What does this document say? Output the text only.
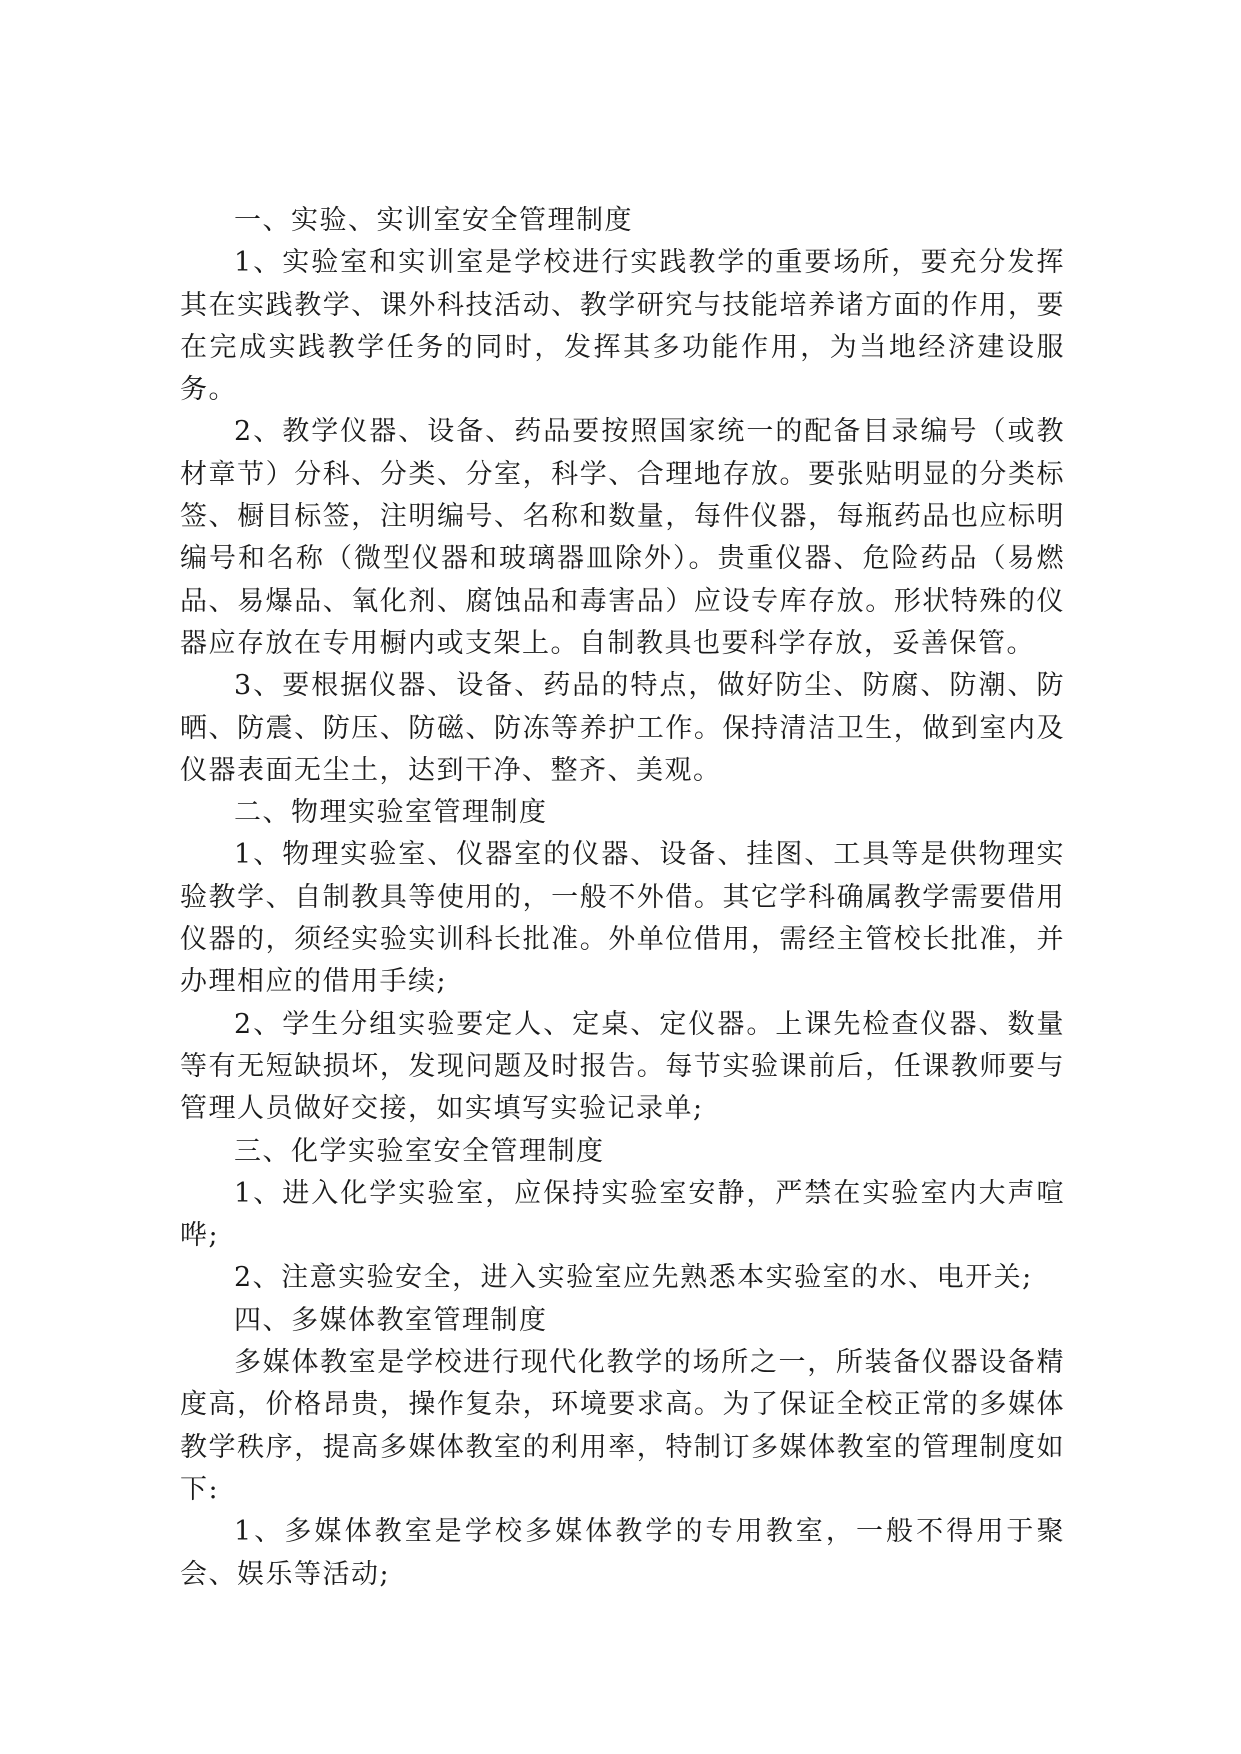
一、实验、实训室安全管理制度

1、实验室和实训室是学校进行实践教学的重要场所，要充分发挥其在实践教学、课外科技活动、教学研究与技能培养诸方面的作用，要在完成实践教学任务的同时，发挥其多功能作用，为当地经济建设服务。

2、教学仪器、设备、药品要按照国家统一的配备目录编号（或教材章节）分科、分类、分室，科学、合理地存放。要张贴明显的分类标签、橱目标签，注明编号、名称和数量，每件仪器，每瓶药品也应标明编号和名称（微型仪器和玻璃器皿除外）。贵重仪器、危险药品（易燃品、易爆品、氧化剂、腐蚀品和毒害品）应设专库存放。形状特殊的仪器应存放在专用橱内或支架上。自制教具也要科学存放，妥善保管。

3、要根据仪器、设备、药品的特点，做好防尘、防腐、防潮、防晒、防震、防压、防磁、防冻等养护工作。保持清洁卫生，做到室内及仪器表面无尘土，达到干净、整齐、美观。

二、物理实验室管理制度

1、物理实验室、仪器室的仪器、设备、挂图、工具等是供物理实验教学、自制教具等使用的，一般不外借。其它学科确属教学需要借用仪器的，须经实验实训科长批准。外单位借用，需经主管校长批准，并办理相应的借用手续;

2、学生分组实验要定人、定桌、定仪器。上课先检查仪器、数量等有无短缺损坏，发现问题及时报告。每节实验课前后，任课教师要与管理人员做好交接，如实填写实验记录单;

三、化学实验室安全管理制度

1、进入化学实验室，应保持实验室安静，严禁在实验室内大声喧哗;

2、注意实验安全，进入实验室应先熟悉本实验室的水、电开关;

四、多媒体教室管理制度

多媒体教室是学校进行现代化教学的场所之一，所装备仪器设备精度高，价格昂贵，操作复杂，环境要求高。为了保证全校正常的多媒体教学秩序，提高多媒体教室的利用率，特制订多媒体教室的管理制度如下:

1、多媒体教室是学校多媒体教学的专用教室，一般不得用于聚会、娱乐等活动;
